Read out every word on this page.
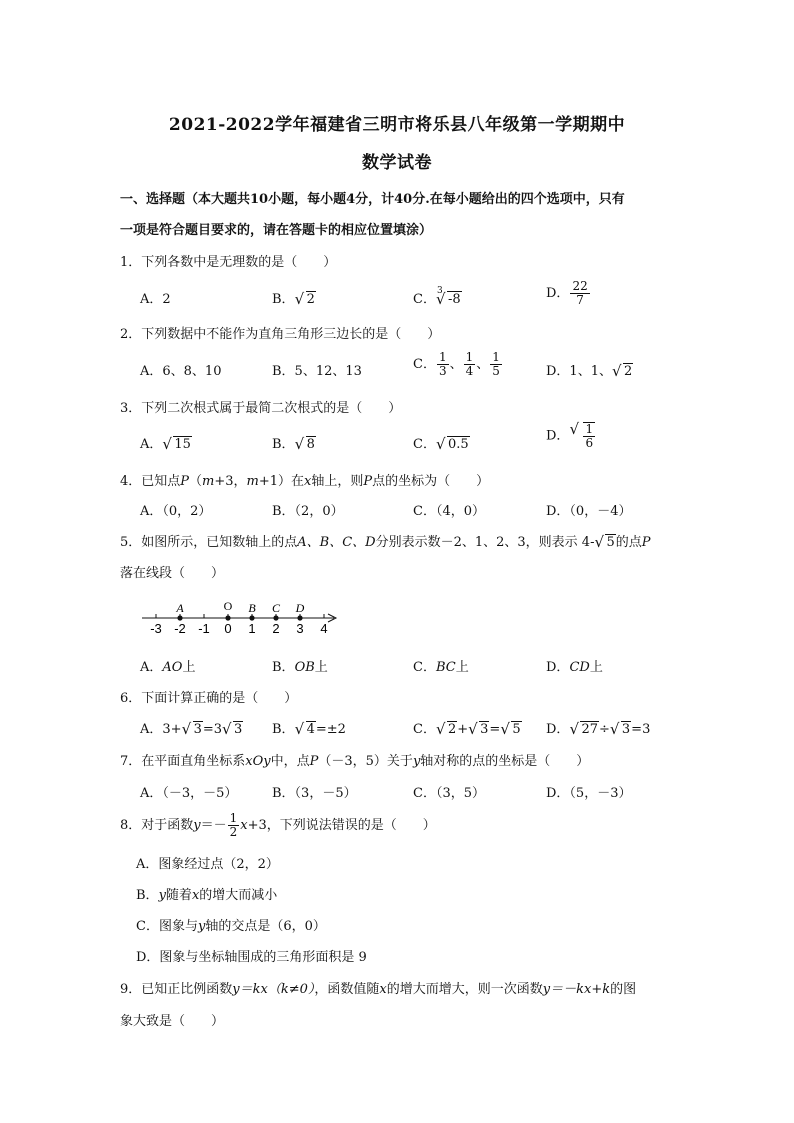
2021-2022学年福建省三明市将乐县八年级第一学期期中
数学试卷
一、选择题（本大题共10小题，每小题4分，计40分.在每小题给出的四个选项中，只有
一项是符合题目要求的，请在答题卡的相应位置填涂）
1．下列各数中是无理数的是（　　）
A．2	B． √ 2	C．
√ 3
-8	D． $\frac{22}{7}$
2．下列数据中不能作为直角三角形三边长的是（　　）
A．6、8、10	B．5、12、13	C． $\frac{1}{3}$ 、 $\frac{1}{4}$ 、 $\frac{1}{5}$	D．1、1、 √ 2
3．下列二次根式属于最简二次根式的是（　　）
A． √ 15	B． √ 8	C． √ 0.5
D． √ $\frac{1}{6}$
4．已知点P（m+3，m+1）在x轴上，则P点的坐标为（　　）
A．（0，2）	B．（2，0）	C．（4，0）	D．（0，－4）
5．如图所示，已知数轴上的点A、B、C、D分别表示数－2、1、2、3，则表示 4- √ 5的点P
落在线段（　　）
-3 -2 -1 0 1 2 3 4
A	O B C D
A．AO上	B．OB上	C．BC上	D．CD上
6．下面计算正确的是（　　）
A．3+ √ 3=3 √ 3 B． √ 4=±2	C． √ 2+ √ 3= √ 5 D． √ 27÷ √ 3=3
7．在平面直角坐标系xOy中，点P（－3，5）关于y轴对称的点的坐标是（　　）
A．（－3，－5）	B．（3，－5）	C．（3，5）	D．（5，－3）
8．对于函数$y=- \frac{1}{2} x+3$，下列说法错误的是（　　）
A．图象经过点（2，2）
B．y随着x的增大而减小
C．图象与y轴的交点是（6，0）
D．图象与坐标轴围成的三角形面积是 9
9．已知正比例函数y＝kx（k≠0），函数值随x的增大而增大，则一次函数y＝－kx+k的图
象大致是（　　）
